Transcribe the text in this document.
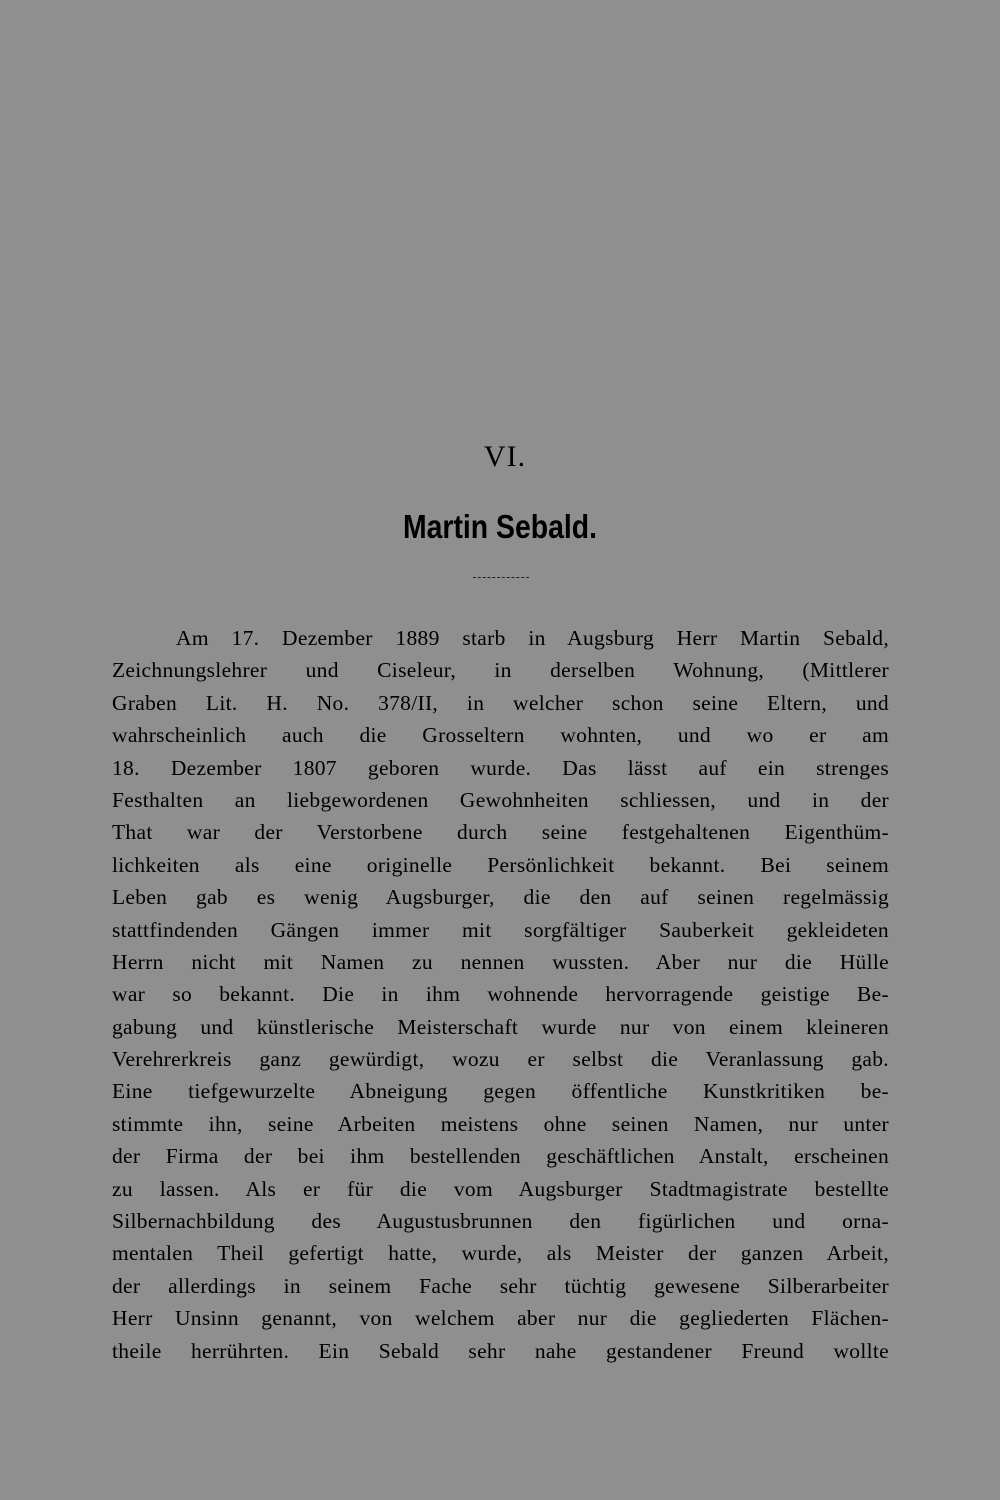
VI.
Martin Sebald.
Am 17. Dezember 1889 starb in Augsburg Herr Martin Sebald,
Zeichnungslehrer und Ciseleur, in derselben Wohnung, (Mittlerer
Graben Lit. H. No. 378/II, in welcher schon seine Eltern, und
wahrscheinlich auch die Grosseltern wohnten, und wo er am
18. Dezember 1807 geboren wurde. Das lässt auf ein strenges
Festhalten an liebgewordenen Gewohnheiten schliessen, und in der
That war der Verstorbene durch seine festgehaltenen Eigenthüm-
lichkeiten als eine originelle Persönlichkeit bekannt. Bei seinem
Leben gab es wenig Augsburger, die den auf seinen regelmässig
stattfindenden Gängen immer mit sorgfältiger Sauberkeit gekleideten
Herrn nicht mit Namen zu nennen wussten. Aber nur die Hülle
war so bekannt. Die in ihm wohnende hervorragende geistige Be-
gabung und künstlerische Meisterschaft wurde nur von einem kleineren
Verehrerkreis ganz gewürdigt, wozu er selbst die Veranlassung gab.
Eine tiefgewurzelte Abneigung gegen öffentliche Kunstkritiken be-
stimmte ihn, seine Arbeiten meistens ohne seinen Namen, nur unter
der Firma der bei ihm bestellenden geschäftlichen Anstalt, erscheinen
zu lassen. Als er für die vom Augsburger Stadtmagistrate bestellte
Silbernachbildung des Augustusbrunnen den figürlichen und orna-
mentalen Theil gefertigt hatte, wurde, als Meister der ganzen Arbeit,
der allerdings in seinem Fache sehr tüchtig gewesene Silberarbeiter
Herr Unsinn genannt, von welchem aber nur die gegliederten Flächen-
theile herrührten. Ein Sebald sehr nahe gestandener Freund wollte
